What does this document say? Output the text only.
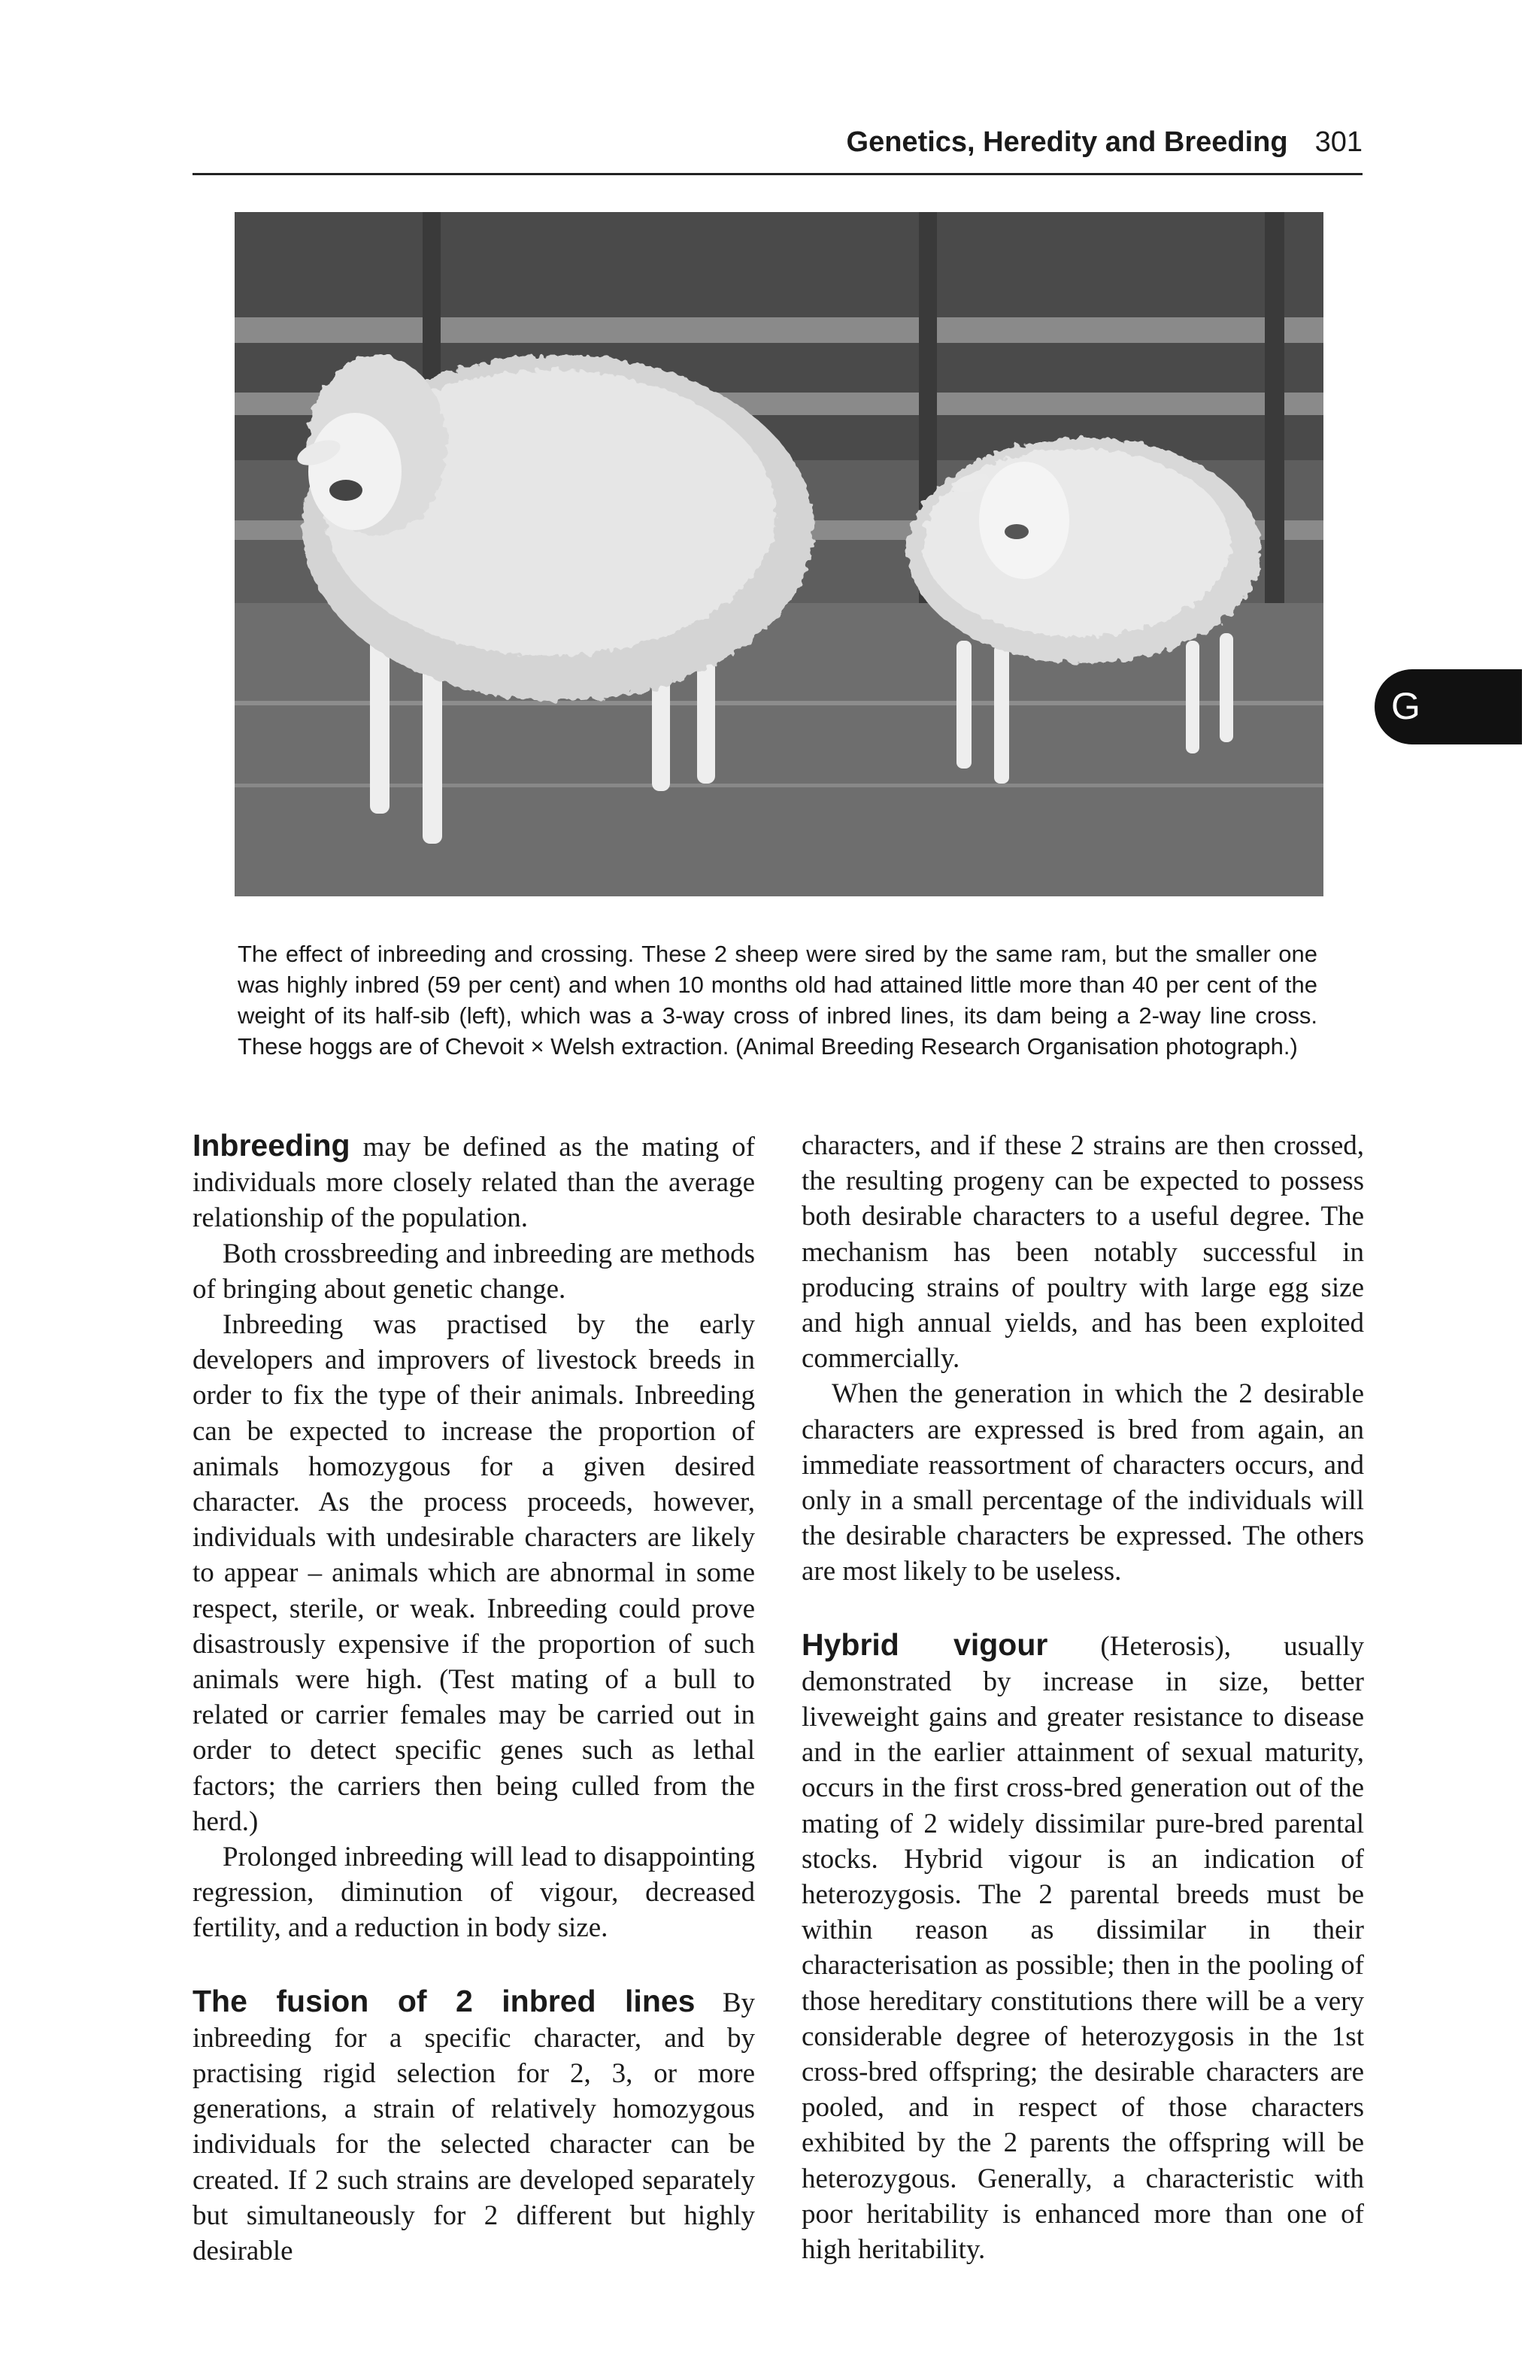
Genetics, Heredity and Breeding 301
G
The effect of inbreeding and crossing. These 2 sheep were sired by the same ram, but the smaller one was highly inbred (59 per cent) and when 10 months old had attained little more than 40 per cent of the weight of its half-sib (left), which was a 3-way cross of inbred lines, its dam being a 2-way line cross. These hoggs are of Chevoit × Welsh extraction. (Animal Breeding Research Organisation photograph.)

Inbreeding may be defined as the mating of individuals more closely related than the average relationship of the population.

Both crossbreeding and inbreeding are methods of bringing about genetic change.

Inbreeding was practised by the early developers and improvers of livestock breeds in order to fix the type of their animals. Inbreeding can be expected to increase the proportion of animals homozygous for a given desired character. As the process proceeds, however, individuals with undesirable characters are likely to appear – animals which are abnormal in some respect, sterile, or weak. Inbreeding could prove disastrously expensive if the proportion of such animals were high. (Test mating of a bull to related or carrier females may be carried out in order to detect specific genes such as lethal factors; the carriers then being culled from the herd.)

Prolonged inbreeding will lead to disappointing regression, diminution of vigour, decreased fertility, and a reduction in body size.

The fusion of 2 inbred lines By inbreeding for a specific character, and by practising rigid selection for 2, 3, or more generations, a strain of relatively homozygous individuals for the selected character can be created. If 2 such strains are developed separately but simultaneously for 2 different but highly desirable

characters, and if these 2 strains are then crossed, the resulting progeny can be expected to possess both desirable characters to a useful degree. The mechanism has been notably successful in producing strains of poultry with large egg size and high annual yields, and has been exploited commercially.

When the generation in which the 2 desirable characters are expressed is bred from again, an immediate reassortment of characters occurs, and only in a small percentage of the individuals will the desirable characters be expressed. The others are most likely to be useless.

Hybrid vigour (Heterosis), usually demonstrated by increase in size, better liveweight gains and greater resistance to disease and in the earlier attainment of sexual maturity, occurs in the first cross-bred generation out of the mating of 2 widely dissimilar pure-bred parental stocks. Hybrid vigour is an indication of heterozygosis. The 2 parental breeds must be within reason as dissimilar in their characterisation as possible; then in the pooling of those hereditary constitutions there will be a very considerable degree of heterozygosis in the 1st cross-bred offspring; the desirable characters are pooled, and in respect of those characters exhibited by the 2 parents the offspring will be heterozygous. Generally, a characteristic with poor heritability is enhanced more than one of high heritability.
